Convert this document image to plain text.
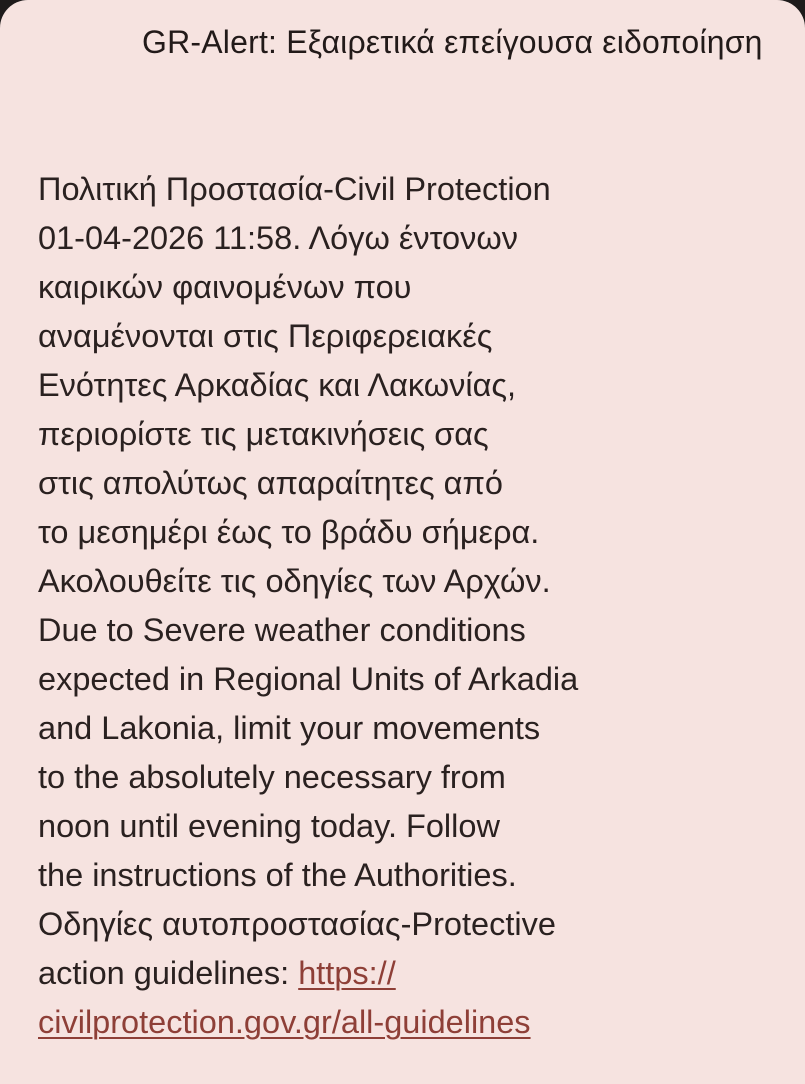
GR-Alert: Εξαιρετικά επείγουσα ειδοποίηση
Πολιτική Προστασία-Civil Protection
01-04-2026 11:58. Λόγω έντονων
καιρικών φαινομένων που
αναμένονται στις Περιφερειακές
Ενότητες Αρκαδίας και Λακωνίας,
περιορίστε τις μετακινήσεις σας
στις απολύτως απαραίτητες από
το μεσημέρι έως το βράδυ σήμερα.
Ακολουθείτε τις οδηγίες των Αρχών.
Due to Severe weather conditions
expected in Regional Units of Arkadia
and Lakonia, limit your movements
to the absolutely necessary from
noon until evening today. Follow
the instructions of the Authorities.
Οδηγίες αυτοπροστασίας-Protective
action guidelines: https://
civilprotection.gov.gr/all-guidelines
